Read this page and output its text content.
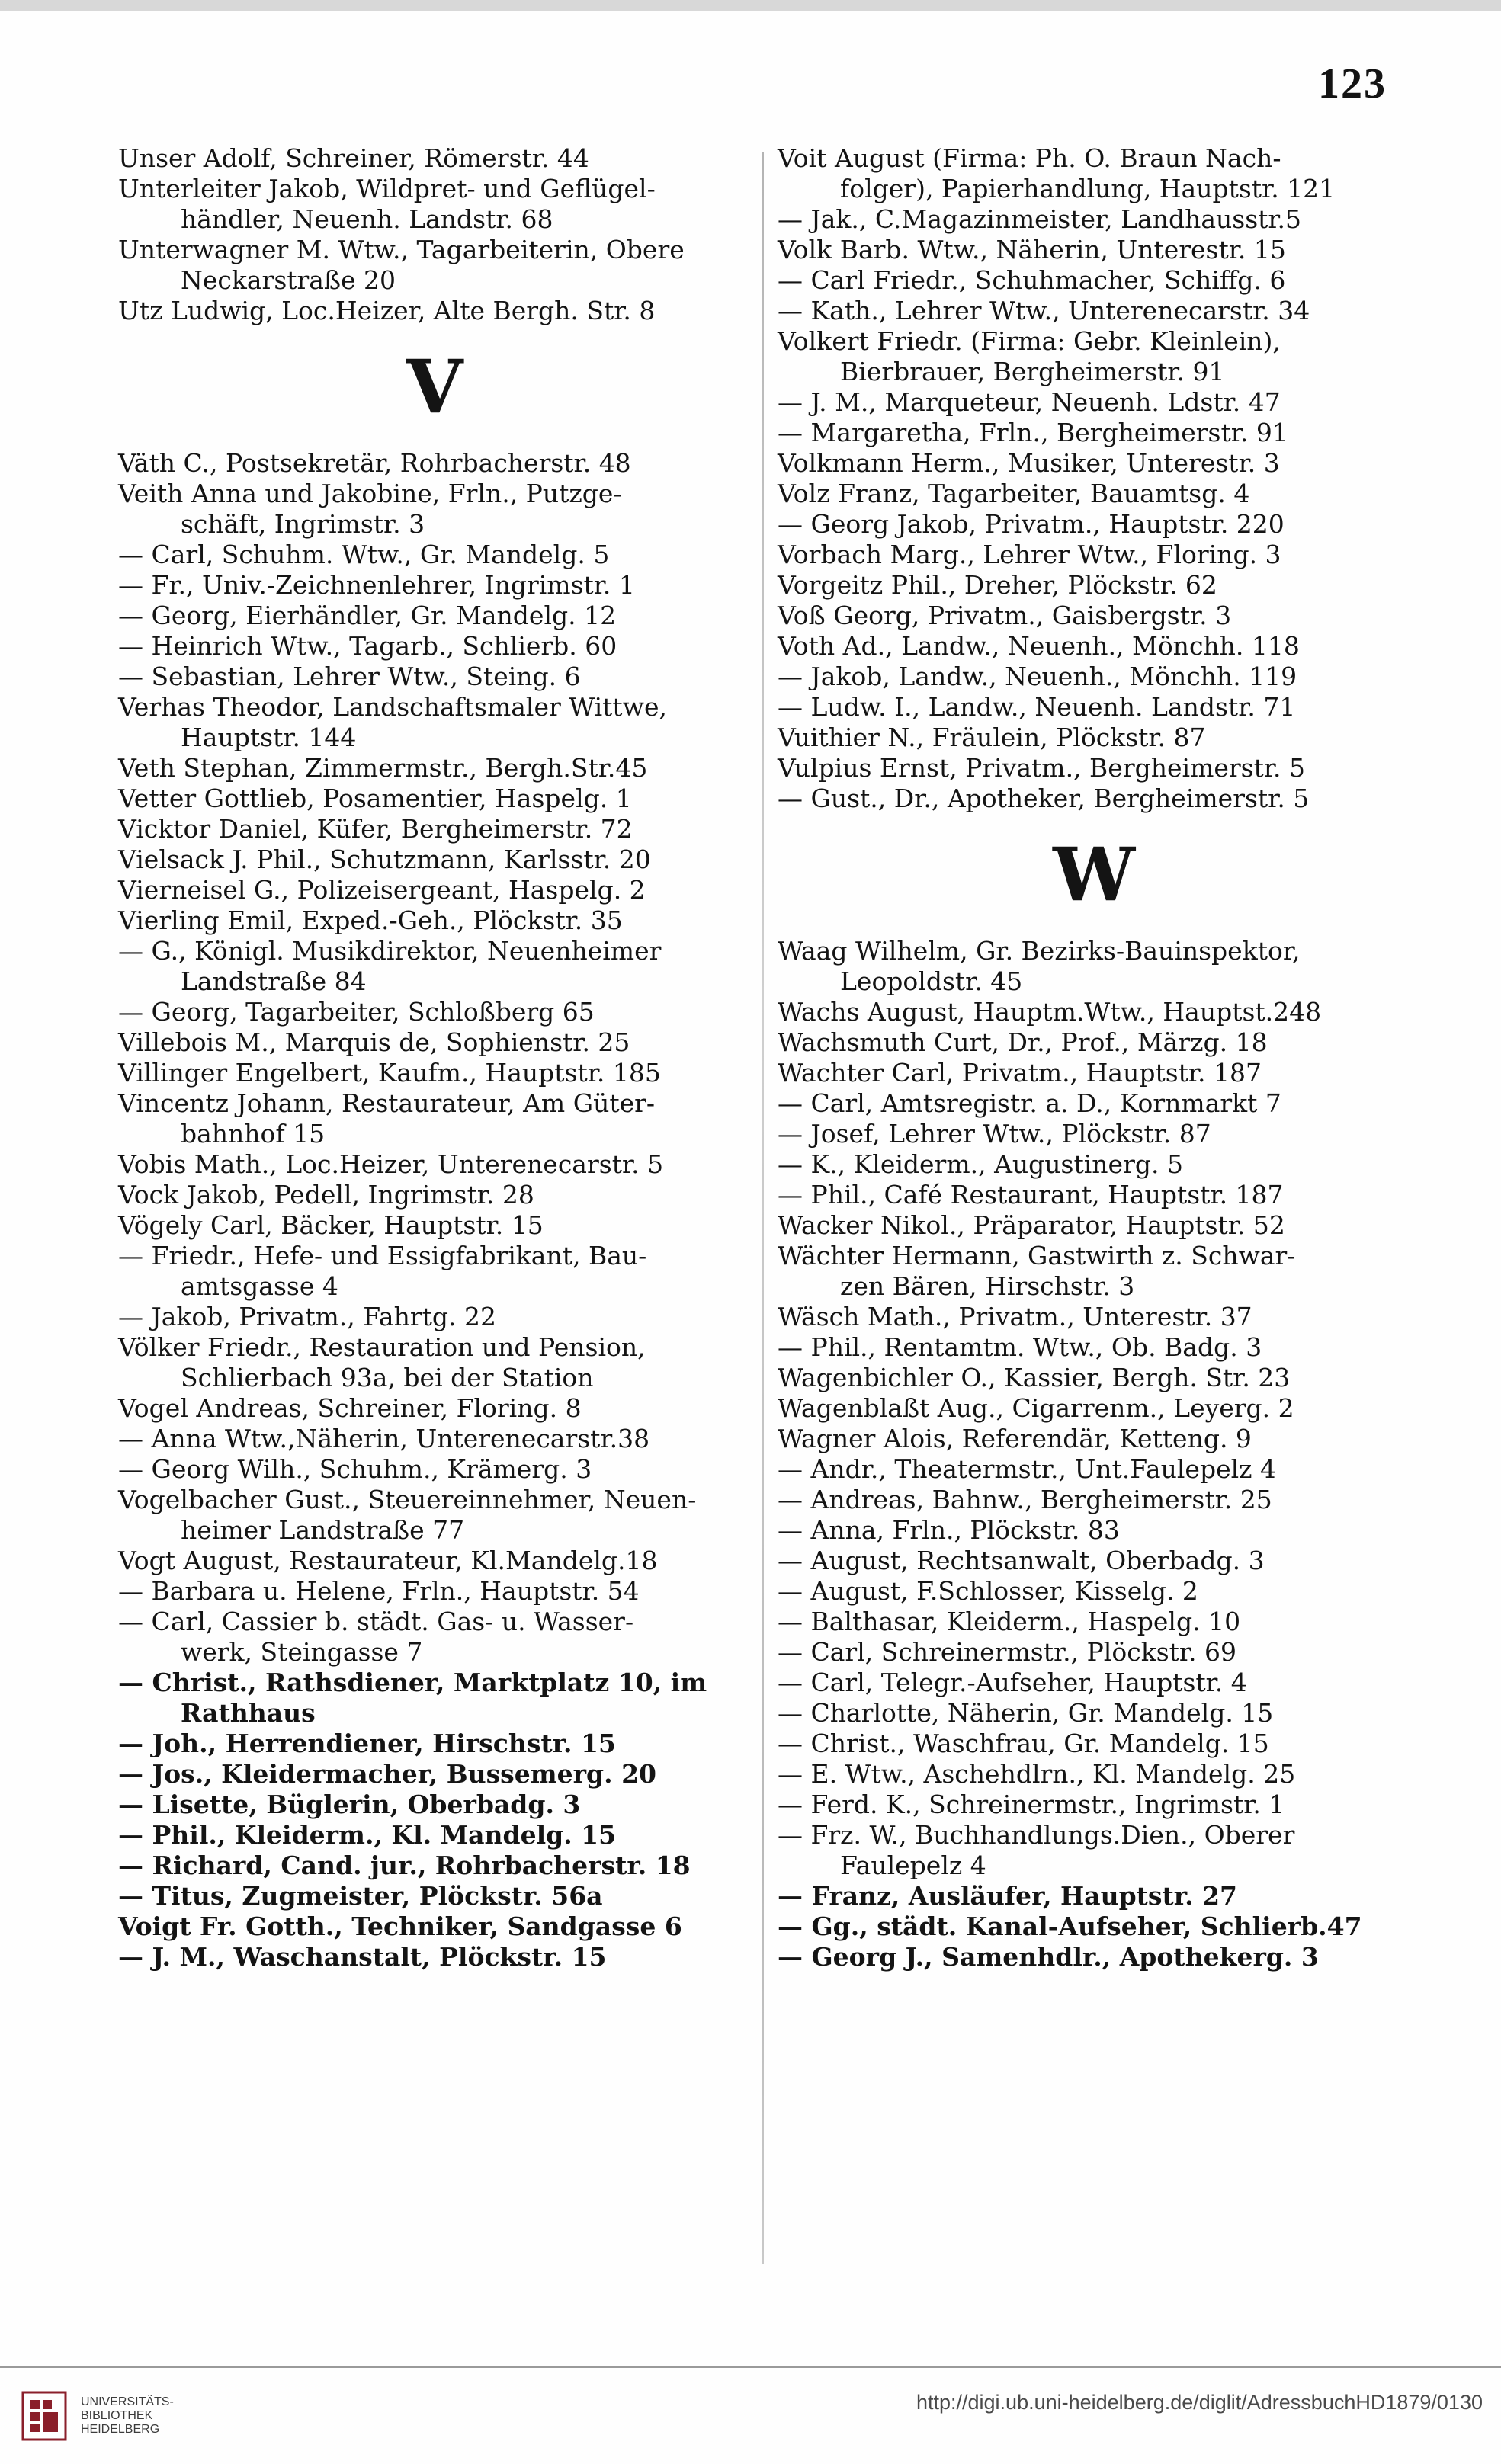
123
Unser Adolf, Schreiner, Römerstr. 44
Unterleiter Jakob, Wildpret- und Geflügel-
händler, Neuenh. Landstr. 68
Unterwagner M. Wtw., Tagarbeiterin, Obere
Neckarstraße 20
Utz Ludwig, Loc.Heizer, Alte Bergh. Str. 8
V
Väth C., Postsekretär, Rohrbacherstr. 48
Veith Anna und Jakobine, Frln., Putzge-
schäft, Ingrimstr. 3
— Carl, Schuhm. Wtw., Gr. Mandelg. 5
— Fr., Univ.-Zeichnenlehrer, Ingrimstr. 1
— Georg, Eierhändler, Gr. Mandelg. 12
— Heinrich Wtw., Tagarb., Schlierb. 60
— Sebastian, Lehrer Wtw., Steing. 6
Verhas Theodor, Landschaftsmaler Wittwe,
Hauptstr. 144
Veth Stephan, Zimmermstr., Bergh.Str.45
Vetter Gottlieb, Posamentier, Haspelg. 1
Vicktor Daniel, Küfer, Bergheimerstr. 72
Vielsack J. Phil., Schutzmann, Karlsstr. 20
Vierneisel G., Polizeisergeant, Haspelg. 2
Vierling Emil, Exped.-Geh., Plöckstr. 35
— G., Königl. Musikdirektor, Neuenheimer
Landstraße 84
— Georg, Tagarbeiter, Schloßberg 65
Villebois M., Marquis de, Sophienstr. 25
Villinger Engelbert, Kaufm., Hauptstr. 185
Vincentz Johann, Restaurateur, Am Güter-
bahnhof 15
Vobis Math., Loc.Heizer, Unterenecarstr. 5
Vock Jakob, Pedell, Ingrimstr. 28
Vögely Carl, Bäcker, Hauptstr. 15
— Friedr., Hefe- und Essigfabrikant, Bau-
amtsgasse 4
— Jakob, Privatm., Fahrtg. 22
Völker Friedr., Restauration und Pension,
Schlierbach 93a, bei der Station
Vogel Andreas, Schreiner, Floring. 8
— Anna Wtw.,Näherin, Unterenecarstr.38
— Georg Wilh., Schuhm., Krämerg. 3
Vogelbacher Gust., Steuereinnehmer, Neuen-
heimer Landstraße 77
Vogt August, Restaurateur, Kl.Mandelg.18
— Barbara u. Helene, Frln., Hauptstr. 54
— Carl, Cassier b. städt. Gas- u. Wasser-
werk, Steingasse 7
— Christ., Rathsdiener, Marktplatz 10, im
Rathhaus
— Joh., Herrendiener, Hirschstr. 15
— Jos., Kleidermacher, Bussemerg. 20
— Lisette, Büglerin, Oberbadg. 3
— Phil., Kleiderm., Kl. Mandelg. 15
— Richard, Cand. jur., Rohrbacherstr. 18
— Titus, Zugmeister, Plöckstr. 56a
Voigt Fr. Gotth., Techniker, Sandgasse 6
— J. M., Waschanstalt, Plöckstr. 15
Voit August (Firma: Ph. O. Braun Nach-
folger), Papierhandlung, Hauptstr. 121
— Jak., C.Magazinmeister, Landhausstr.5
Volk Barb. Wtw., Näherin, Unterestr. 15
— Carl Friedr., Schuhmacher, Schiffg. 6
— Kath., Lehrer Wtw., Unterenecarstr. 34
Volkert Friedr. (Firma: Gebr. Kleinlein),
Bierbrauer, Bergheimerstr. 91
— J. M., Marqueteur, Neuenh. Ldstr. 47
— Margaretha, Frln., Bergheimerstr. 91
Volkmann Herm., Musiker, Unterestr. 3
Volz Franz, Tagarbeiter, Bauamtsg. 4
— Georg Jakob, Privatm., Hauptstr. 220
Vorbach Marg., Lehrer Wtw., Floring. 3
Vorgeitz Phil., Dreher, Plöckstr. 62
Voß Georg, Privatm., Gaisbergstr. 3
Voth Ad., Landw., Neuenh., Mönchh. 118
— Jakob, Landw., Neuenh., Mönchh. 119
— Ludw. I., Landw., Neuenh. Landstr. 71
Vuithier N., Fräulein, Plöckstr. 87
Vulpius Ernst, Privatm., Bergheimerstr. 5
— Gust., Dr., Apotheker, Bergheimerstr. 5
W
Waag Wilhelm, Gr. Bezirks-Bauinspektor,
Leopoldstr. 45
Wachs August, Hauptm.Wtw., Hauptst.248
Wachsmuth Curt, Dr., Prof., Märzg. 18
Wachter Carl, Privatm., Hauptstr. 187
— Carl, Amtsregistr. a. D., Kornmarkt 7
— Josef, Lehrer Wtw., Plöckstr. 87
— K., Kleiderm., Augustinerg. 5
— Phil., Café Restaurant, Hauptstr. 187
Wacker Nikol., Präparator, Hauptstr. 52
Wächter Hermann, Gastwirth z. Schwar-
zen Bären, Hirschstr. 3
Wäsch Math., Privatm., Unterestr. 37
— Phil., Rentamtm. Wtw., Ob. Badg. 3
Wagenbichler O., Kassier, Bergh. Str. 23
Wagenblaßt Aug., Cigarrenm., Leyerg. 2
Wagner Alois, Referendär, Ketteng. 9
— Andr., Theatermstr., Unt.Faulepelz 4
— Andreas, Bahnw., Bergheimerstr. 25
— Anna, Frln., Plöckstr. 83
— August, Rechtsanwalt, Oberbadg. 3
— August, F.Schlosser, Kisselg. 2
— Balthasar, Kleiderm., Haspelg. 10
— Carl, Schreinermstr., Plöckstr. 69
— Carl, Telegr.-Aufseher, Hauptstr. 4
— Charlotte, Näherin, Gr. Mandelg. 15
— Christ., Waschfrau, Gr. Mandelg. 15
— E. Wtw., Aschehdlrn., Kl. Mandelg. 25
— Ferd. K., Schreinermstr., Ingrimstr. 1
— Frz. W., Buchhandlungs.Dien., Oberer
Faulepelz 4
— Franz, Ausläufer, Hauptstr. 27
— Gg., städt. Kanal-Aufseher, Schlierb.47
— Georg J., Samenhdlr., Apothekerg. 3
UNIVERSITÄTS-
BIBLIOTHEK
HEIDELBERG
http://digi.ub.uni-heidelberg.de/diglit/AdressbuchHD1879/0130
